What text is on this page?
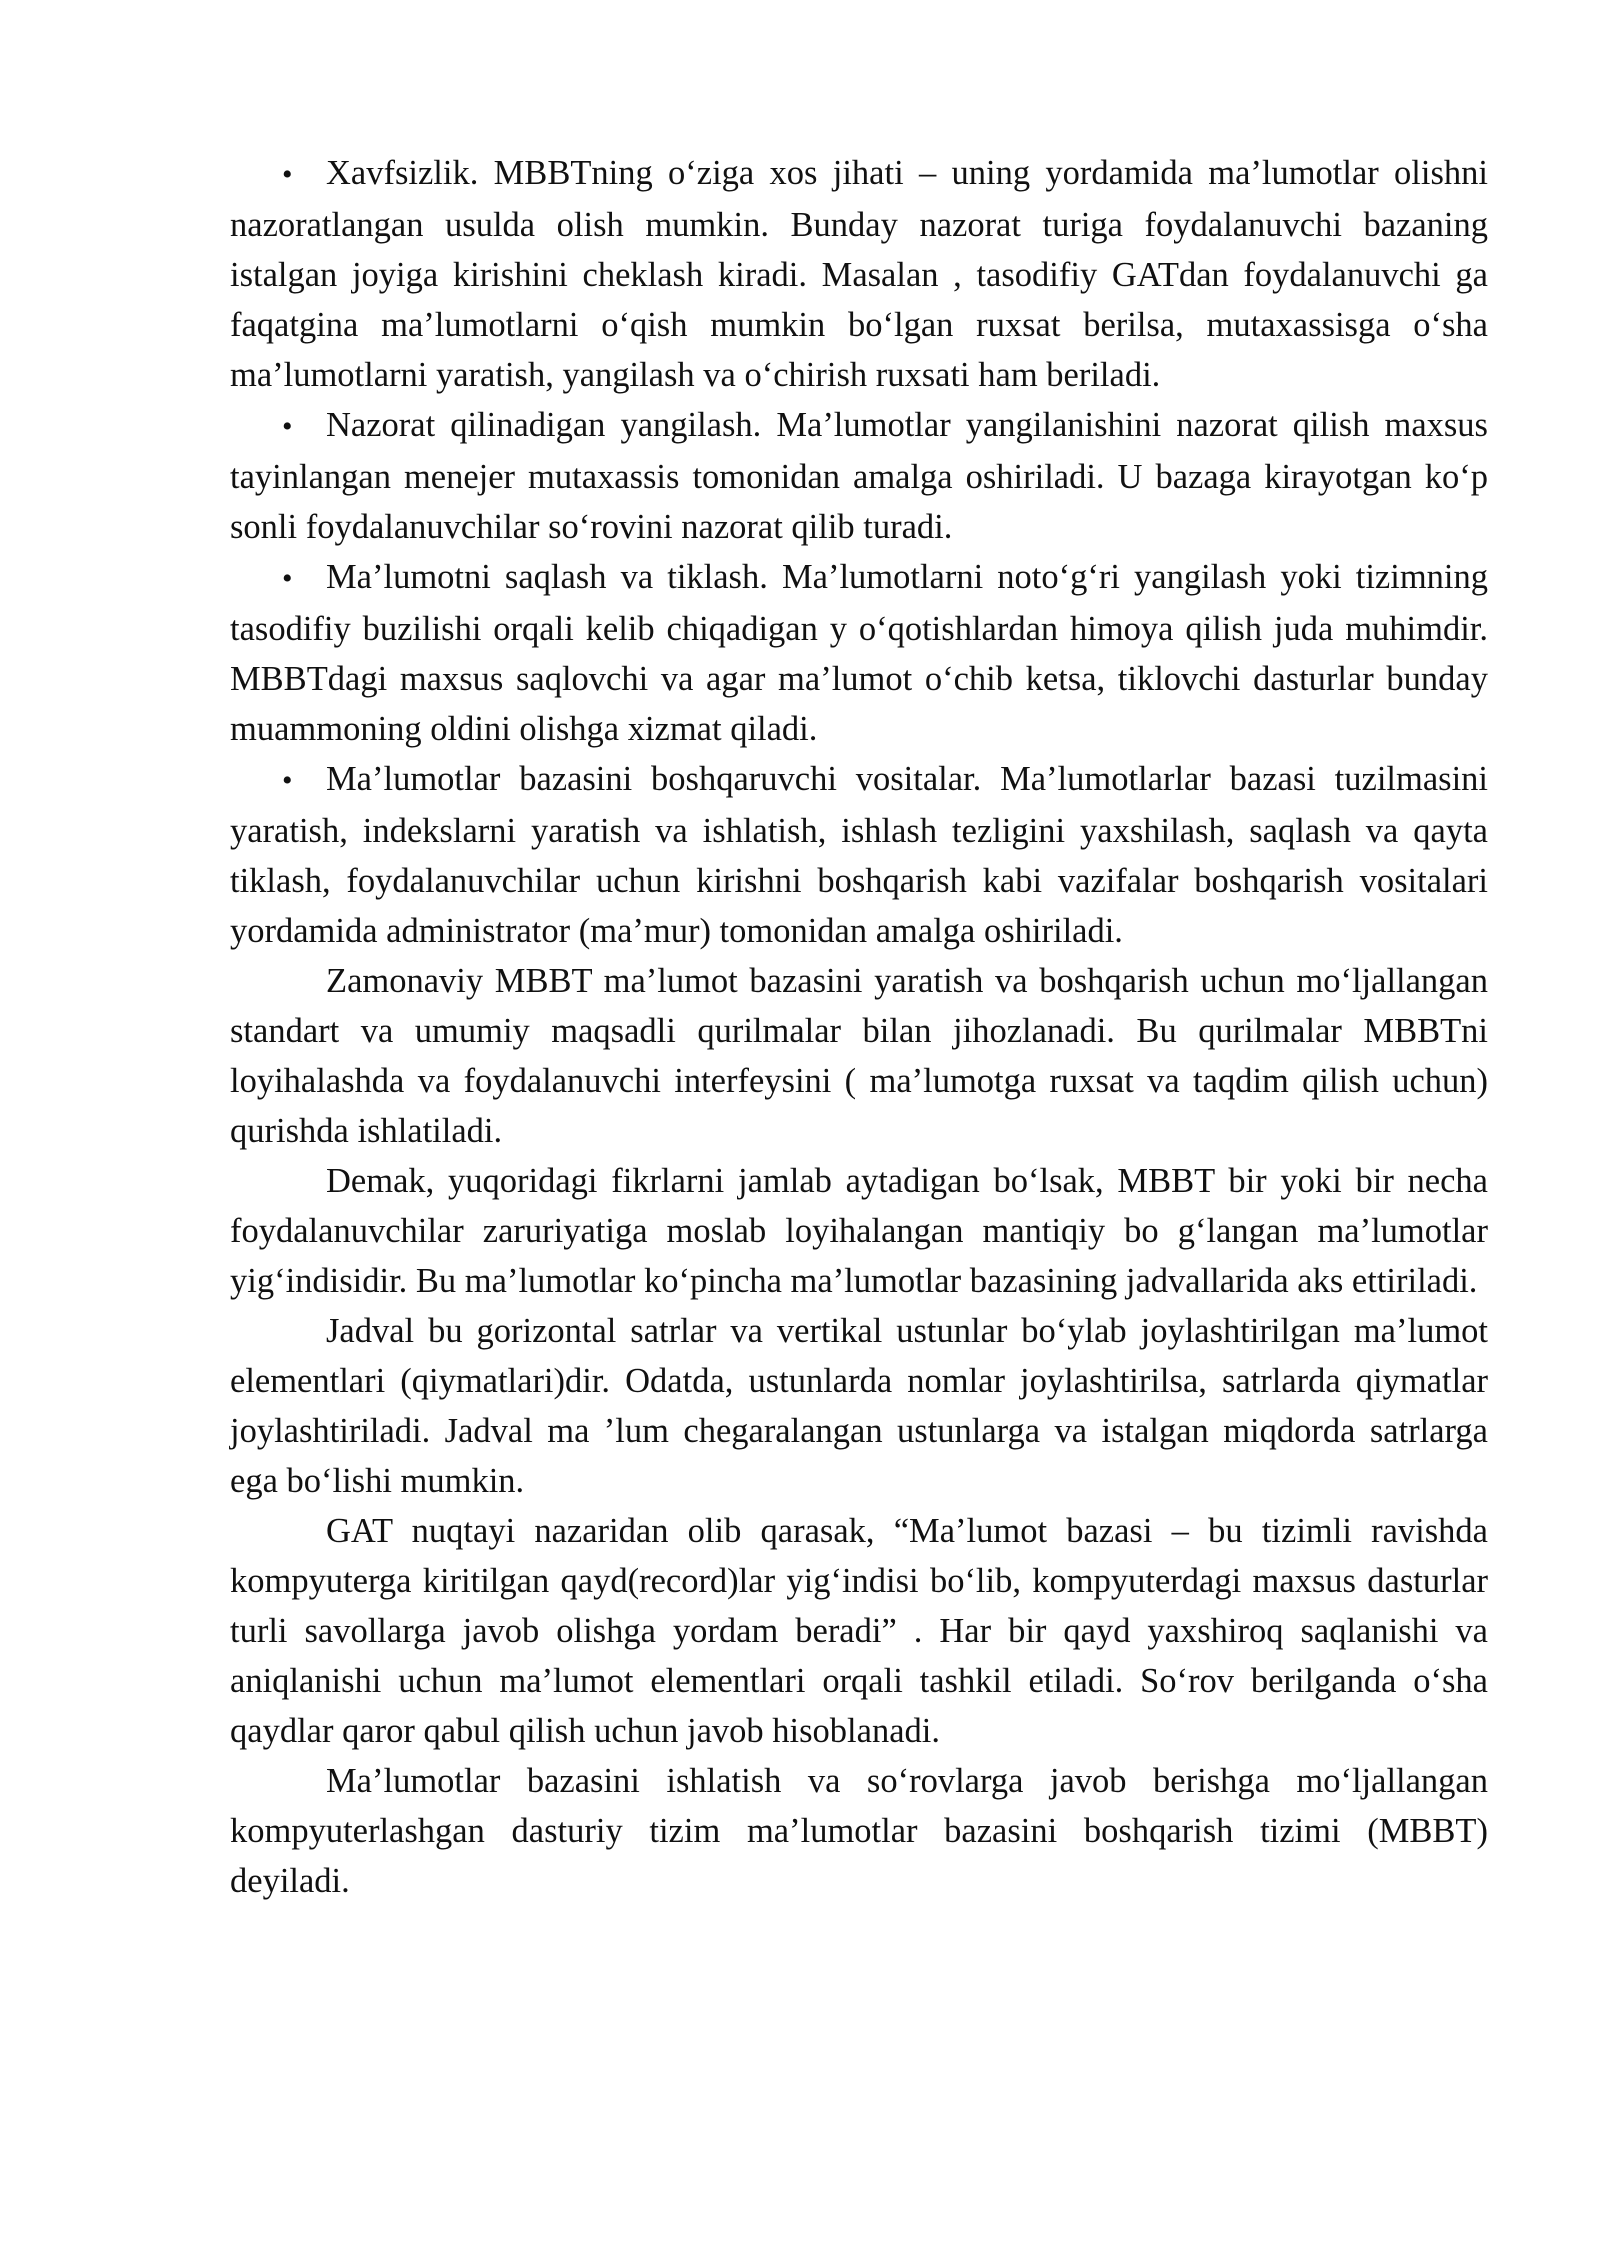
• Xavfsizlik. MBBTning o‘ziga xos jihati – uning yordamida ma’lumotlar olishni nazoratlangan usulda olish mumkin. Bunday nazorat turiga foydalanuvchi bazaning istalgan joyiga kirishini cheklash kiradi. Masalan , tasodifiy GATdan foydalanuvchi ga faqatgina ma’lumotlarni o‘qish mumkin bo‘lgan ruxsat berilsa, mutaxassisga o‘sha ma’lumotlarni yaratish, yangilash va o‘chirish ruxsati ham beriladi.

• Nazorat qilinadigan yangilash. Ma’lumotlar yangilanishini nazorat qilish maxsus tayinlangan menejer mutaxassis tomonidan amalga oshiriladi. U bazaga kirayotgan ko‘p sonli foydalanuvchilar so‘rovini nazorat qilib turadi.

• Ma’lumotni saqlash va tiklash. Ma’lumotlarni noto‘g‘ri yangilash yoki tizimning tasodifiy buzilishi orqali kelib chiqadigan y o‘qotishlardan himoya qilish juda muhimdir. MBBTdagi maxsus saqlovchi va agar ma’lumot o‘chib ketsa, tiklovchi dasturlar bunday muammoning oldini olishga xizmat qiladi.

• Ma’lumotlar bazasini boshqaruvchi vositalar. Ma’lumotlarlar bazasi tuzilmasini yaratish, indekslarni yaratish va ishlatish, ishlash tezligini yaxshilash, saqlash va qayta tiklash, foydalanuvchilar uchun kirishni boshqarish kabi vazifalar boshqarish vositalari yordamida administrator (ma’mur) tomonidan amalga oshiriladi.

Zamonaviy MBBT ma’lumot bazasini yaratish va boshqarish uchun mo‘ljallangan standart va umumiy maqsadli qurilmalar bilan jihozlanadi. Bu qurilmalar MBBTni loyihalashda va foydalanuvchi interfeysini ( ma’lumotga ruxsat va taqdim qilish uchun) qurishda ishlatiladi.

Demak, yuqoridagi fikrlarni jamlab aytadigan bo‘lsak, MBBT bir yoki bir necha foydalanuvchilar zaruriyatiga moslab loyihalangan mantiqiy bo g‘langan ma’lumotlar yig‘indisidir. Bu ma’lumotlar ko‘pincha ma’lumotlar bazasining jadvallarida aks ettiriladi.

Jadval bu gorizontal satrlar va vertikal ustunlar bo‘ylab joylashtirilgan ma’lumot elementlari (qiymatlari)dir. Odatda, ustunlarda nomlar joylashtirilsa, satrlarda qiymatlar joylashtiriladi. Jadval ma ’lum chegaralangan ustunlarga va istalgan miqdorda satrlarga ega bo‘lishi mumkin.

GAT nuqtayi nazaridan olib qarasak, “Ma’lumot bazasi – bu tizimli ravishda kompyuterga kiritilgan qayd(record)lar yig‘indisi bo‘lib, kompyuterdagi maxsus dasturlar turli savollarga javob olishga yordam beradi” . Har bir qayd yaxshiroq saqlanishi va aniqlanishi uchun ma’lumot elementlari orqali tashkil etiladi. So‘rov berilganda o‘sha qaydlar qaror qabul qilish uchun javob hisoblanadi.

Ma’lumotlar bazasini ishlatish va so‘rovlarga javob berishga mo‘ljallangan kompyuterlashgan dasturiy tizim ma’lumotlar bazasini boshqarish tizimi (MBBT) deyiladi.
